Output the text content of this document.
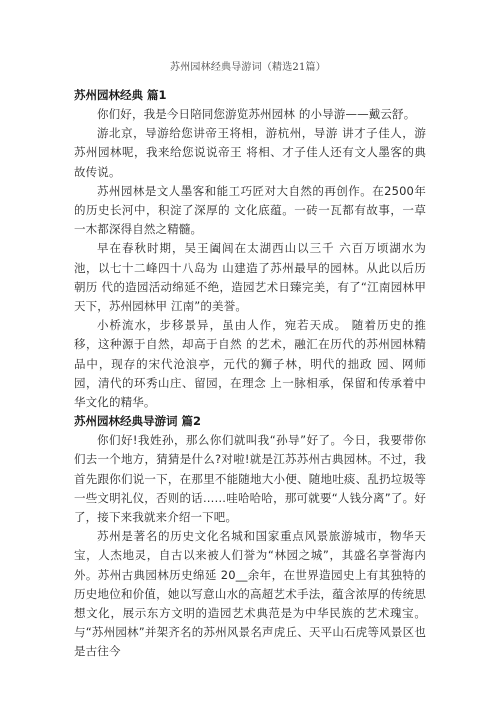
苏州园林经典导游词（精选21篇）

苏州园林经典 篇1

你们好，我是今日陪同您游览苏州园林 的小导游——戴云舒。

游北京，导游给您讲帝王将相，游杭州，导游 讲才子佳人，游苏州园林呢，我来给您说说帝王 将相、才子佳人还有文人墨客的典故传说。

苏州园林是文人墨客和能工巧匠对大自然的再创作。在2500年的历史长河中，积淀了深厚的 文化底蕴。一砖一瓦都有故事，一草一木都深得自然之精髓。

早在春秋时期，吴王阖闾在太湖西山以三千 六百万顷湖水为池，以七十二峰四十八岛为 山建造了苏州最早的园林。从此以后历朝历 代的造园活动绵延不绝，造园艺术日臻完美，有了“江南园林甲天下，苏州园林甲 江南”的美誉。

小桥流水，步移景异，虽由人作，宛若天成。 随着历史的推移，这种源于自然，却高于自然 的艺术，融汇在历代的苏州园林精品中，现存的宋代沧浪亭，元代的狮子林，明代的拙政 园、网师园，清代的环秀山庄、留园，在理念 上一脉相承，保留和传承着中华文化的精华。

苏州园林经典导游词 篇2

你们好!我姓孙，那么你们就叫我“孙导”好了。今日，我要带你们去一个地方，猜猜是什么?对啦!就是江苏苏州古典园林。不过，我首先跟你们说一下，在那里不能随地大小便、随地吐痰、乱扔垃圾等一些文明礼仪，否则的话……哇哈哈哈，那可就要“人钱分离”了。好了，接下来我就来介绍一下吧。

苏州是著名的历史文化名城和国家重点风景旅游城市，物华天宝，人杰地灵，自古以来被人们誉为“林园之城”，其盛名享誉海内外。苏州古典园林历史绵延 20__余年，在世界造园史上有其独特的历史地位和价值，她以写意山水的高超艺术手法，蕴含浓厚的传统思想文化，展示东方文明的造园艺术典范是为中华民族的艺术瑰宝。与“苏州园林”并架齐名的苏州风景名声虎丘、天平山石虎等风景区也是古往今
